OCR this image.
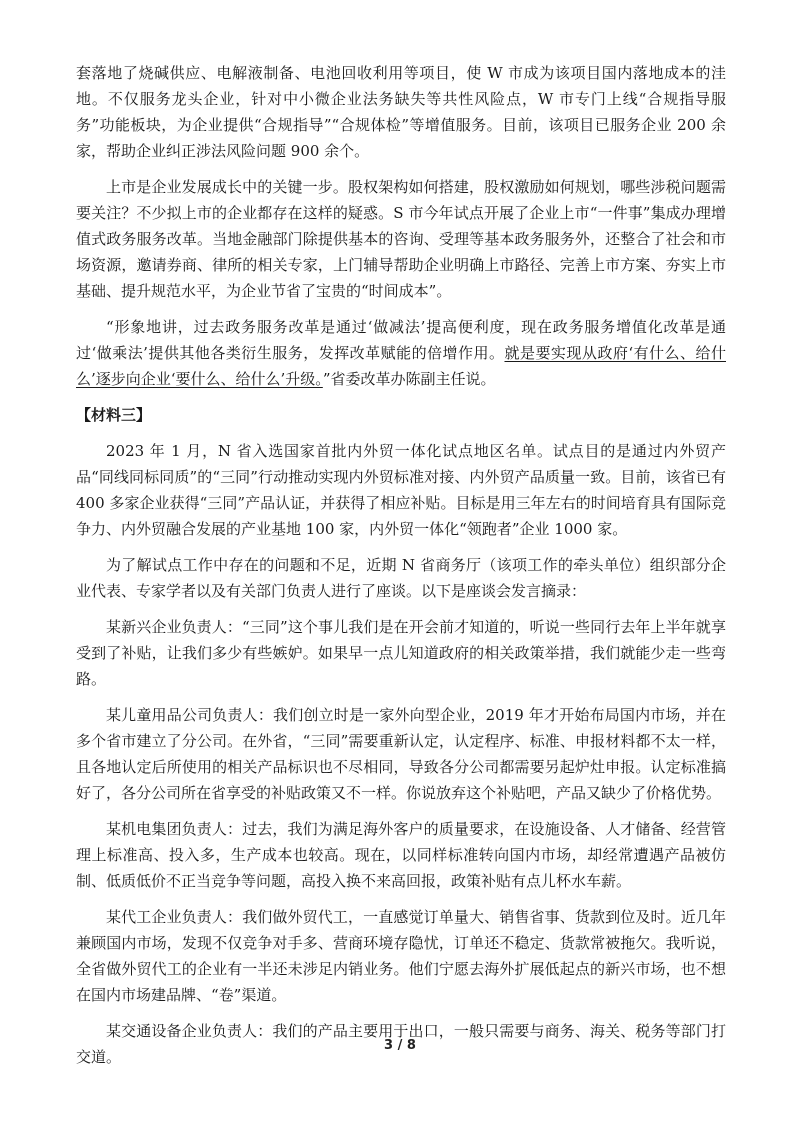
套落地了烧碱供应、电解液制备、电池回收利用等项目，使 W 市成为该项目国内落地成本的洼地。不仅服务龙头企业，针对中小微企业法务缺失等共性风险点，W 市专门上线“合规指导服务”功能板块，为企业提供“合规指导”“合规体检”等增值服务。目前，该项目已服务企业 200 余家，帮助企业纠正涉法风险问题 900 余个。

上市是企业发展成长中的关键一步。股权架构如何搭建，股权激励如何规划，哪些涉税问题需要关注？不少拟上市的企业都存在这样的疑惑。S 市今年试点开展了企业上市“一件事”集成办理增值式政务服务改革。当地金融部门除提供基本的咨询、受理等基本政务服务外，还整合了社会和市场资源，邀请券商、律所的相关专家，上门辅导帮助企业明确上市路径、完善上市方案、夯实上市基础、提升规范水平，为企业节省了宝贵的“时间成本”。

“形象地讲，过去政务服务改革是通过‘做减法’提高便利度，现在政务服务增值化改革是通过‘做乘法’提供其他各类衍生服务，发挥改革赋能的倍增作用。就是要实现从政府‘有什么、给什么’逐步向企业‘要什么、给什么’升级。”省委改革办陈副主任说。

【材料三】

2023 年 1 月，N 省入选国家首批内外贸一体化试点地区名单。试点目的是通过内外贸产品“同线同标同质”的“三同”行动推动实现内外贸标准对接、内外贸产品质量一致。目前，该省已有 400 多家企业获得“三同”产品认证，并获得了相应补贴。目标是用三年左右的时间培育具有国际竞争力、内外贸融合发展的产业基地 100 家，内外贸一体化“领跑者”企业 1000 家。

为了解试点工作中存在的问题和不足，近期 N 省商务厅（该项工作的牵头单位）组织部分企业代表、专家学者以及有关部门负责人进行了座谈。以下是座谈会发言摘录：

某新兴企业负责人：“三同”这个事儿我们是在开会前才知道的，听说一些同行去年上半年就享受到了补贴，让我们多少有些嫉妒。如果早一点儿知道政府的相关政策举措，我们就能少走一些弯路。

某儿童用品公司负责人：我们创立时是一家外向型企业，2019 年才开始布局国内市场，并在多个省市建立了分公司。在外省，“三同”需要重新认定，认定程序、标准、申报材料都不太一样，且各地认定后所使用的相关产品标识也不尽相同，导致各分公司都需要另起炉灶申报。认定标准搞好了，各分公司所在省享受的补贴政策又不一样。你说放弃这个补贴吧，产品又缺少了价格优势。

某机电集团负责人：过去，我们为满足海外客户的质量要求，在设施设备、人才储备、经营管理上标准高、投入多，生产成本也较高。现在，以同样标准转向国内市场，却经常遭遇产品被仿制、低质低价不正当竞争等问题，高投入换不来高回报，政策补贴有点儿杯水车薪。

某代工企业负责人：我们做外贸代工，一直感觉订单量大、销售省事、货款到位及时。近几年兼顾国内市场，发现不仅竞争对手多、营商环境存隐忧，订单还不稳定、货款常被拖欠。我听说，全省做外贸代工的企业有一半还未涉足内销业务。他们宁愿去海外扩展低起点的新兴市场，也不想在国内市场建品牌、“卷”渠道。

某交通设备企业负责人：我们的产品主要用于出口，一般只需要与商务、海关、税务等部门打交道。

3 / 8
